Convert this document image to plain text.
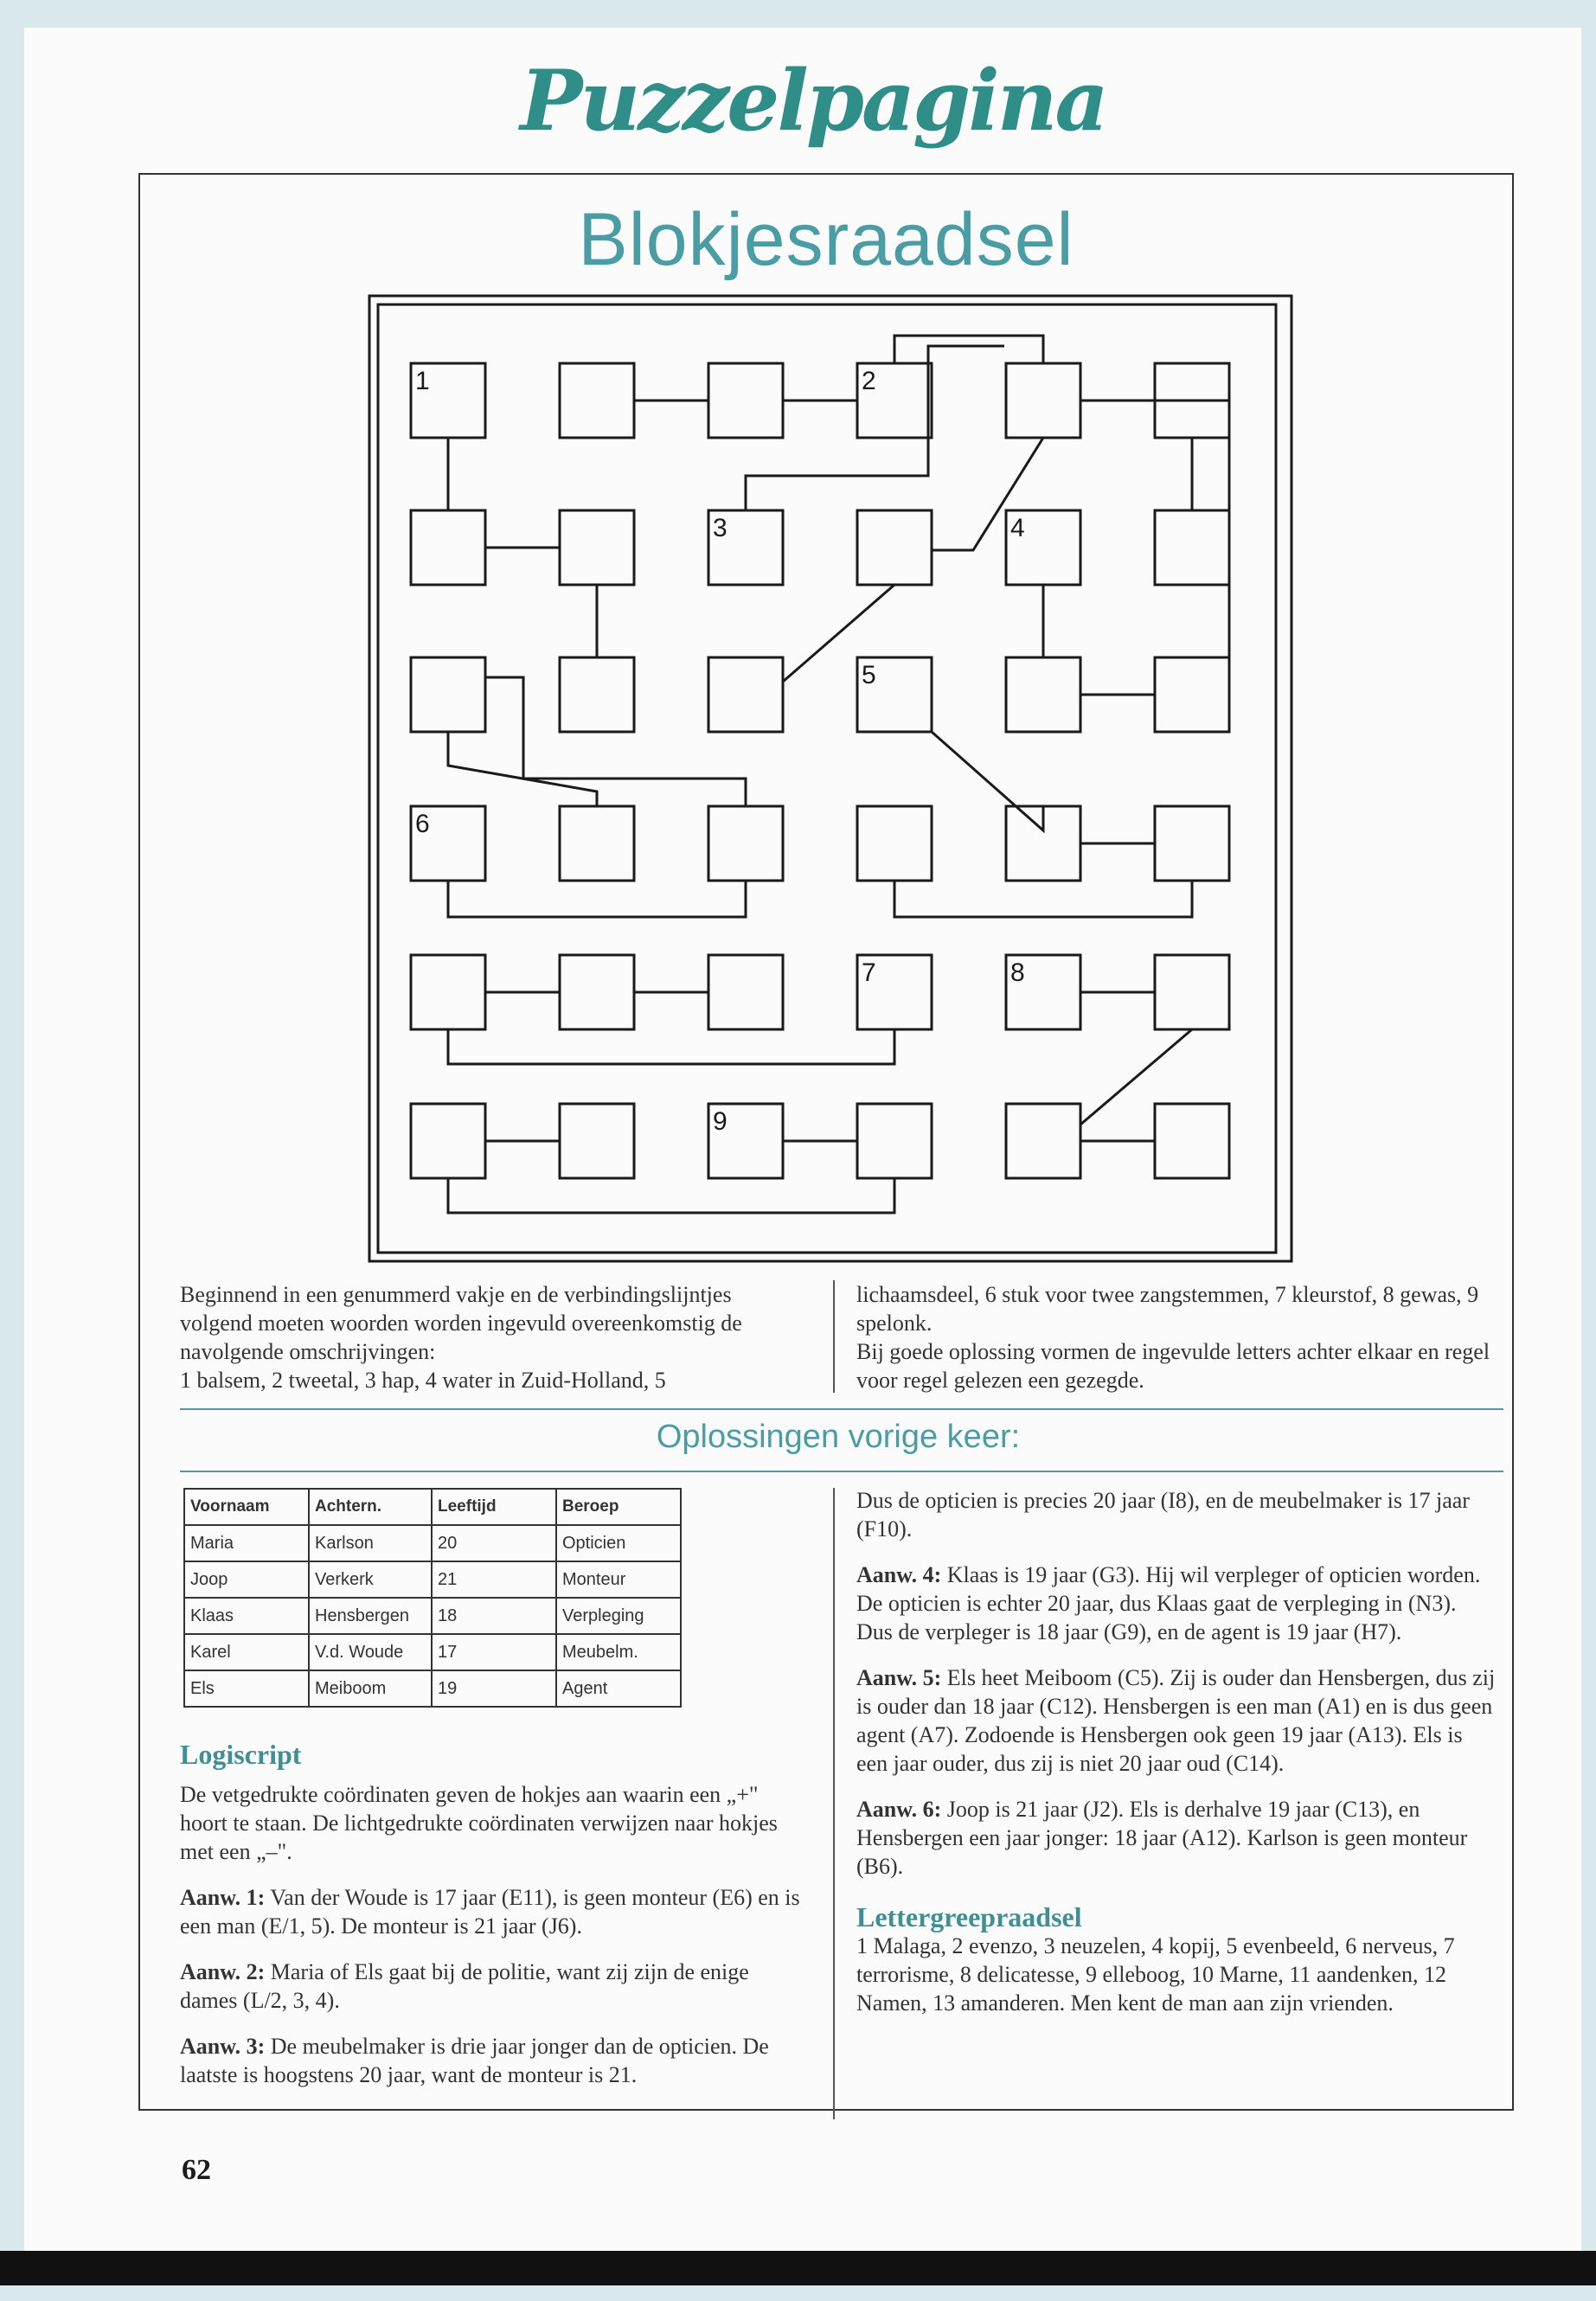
Puzzelpagina
Blokjesraadsel
1	2
3	4
5
6
7	8
9

Beginnend in een genummerd vakje en de verbindingslijntjes volgend moeten woorden worden ingevuld overeenkomstig de navolgende omschrijvingen:

1 balsem, 2 tweetal, 3 hap, 4 water in Zuid-Holland, 5

lichaamsdeel, 6 stuk voor twee zangstemmen, 7 kleurstof, 8 gewas, 9 spelonk.

Bij goede oplossing vormen de ingevulde letters achter elkaar en regel voor regel gelezen een gezegde.

Oplossingen vorige keer:
Voornaam	Achtern.	Leeftijd	Beroep
Maria	Karlson	20	Opticien
Joop	Verkerk	21	Monteur
Klaas	Hensbergen	18	Verpleging
Karel	V.d. Woude	17	Meubelm.
Els	Meiboom	19	Agent
Logiscript

De vetgedrukte coördinaten geven de hokjes aan waarin een „+" hoort te staan. De lichtgedrukte coördinaten verwijzen naar hokjes met een „–".

Aanw. 1: Van der Woude is 17 jaar (E11), is geen monteur (E6) en is een man (E/1, 5). De monteur is 21 jaar (J6).

Aanw. 2: Maria of Els gaat bij de politie, want zij zijn de enige dames (L/2, 3, 4).

Aanw. 3: De meubelmaker is drie jaar jonger dan de opticien. De laatste is hoogstens 20 jaar, want de monteur is 21.

Dus de opticien is precies 20 jaar (I8), en de meubelmaker is 17 jaar (F10).

Aanw. 4: Klaas is 19 jaar (G3). Hij wil verpleger of opticien worden. De opticien is echter 20 jaar, dus Klaas gaat de verpleging in (N3). Dus de verpleger is 18 jaar (G9), en de agent is 19 jaar (H7).

Aanw. 5: Els heet Meiboom (C5). Zij is ouder dan Hensbergen, dus zij is ouder dan 18 jaar (C12). Hensbergen is een man (A1) en is dus geen agent (A7). Zodoende is Hensbergen ook geen 19 jaar (A13). Els is een jaar ouder, dus zij is niet 20 jaar oud (C14).

Aanw. 6: Joop is 21 jaar (J2). Els is derhalve 19 jaar (C13), en Hensbergen een jaar jonger: 18 jaar (A12). Karlson is geen monteur (B6).

Lettergreepraadsel

1 Malaga, 2 evenzo, 3 neuzelen, 4 kopij, 5 evenbeeld, 6 nerveus, 7 terrorisme, 8 delicatesse, 9 elleboog, 10 Marne, 11 aandenken, 12 Namen, 13 amanderen. Men kent de man aan zijn vrienden.

62
